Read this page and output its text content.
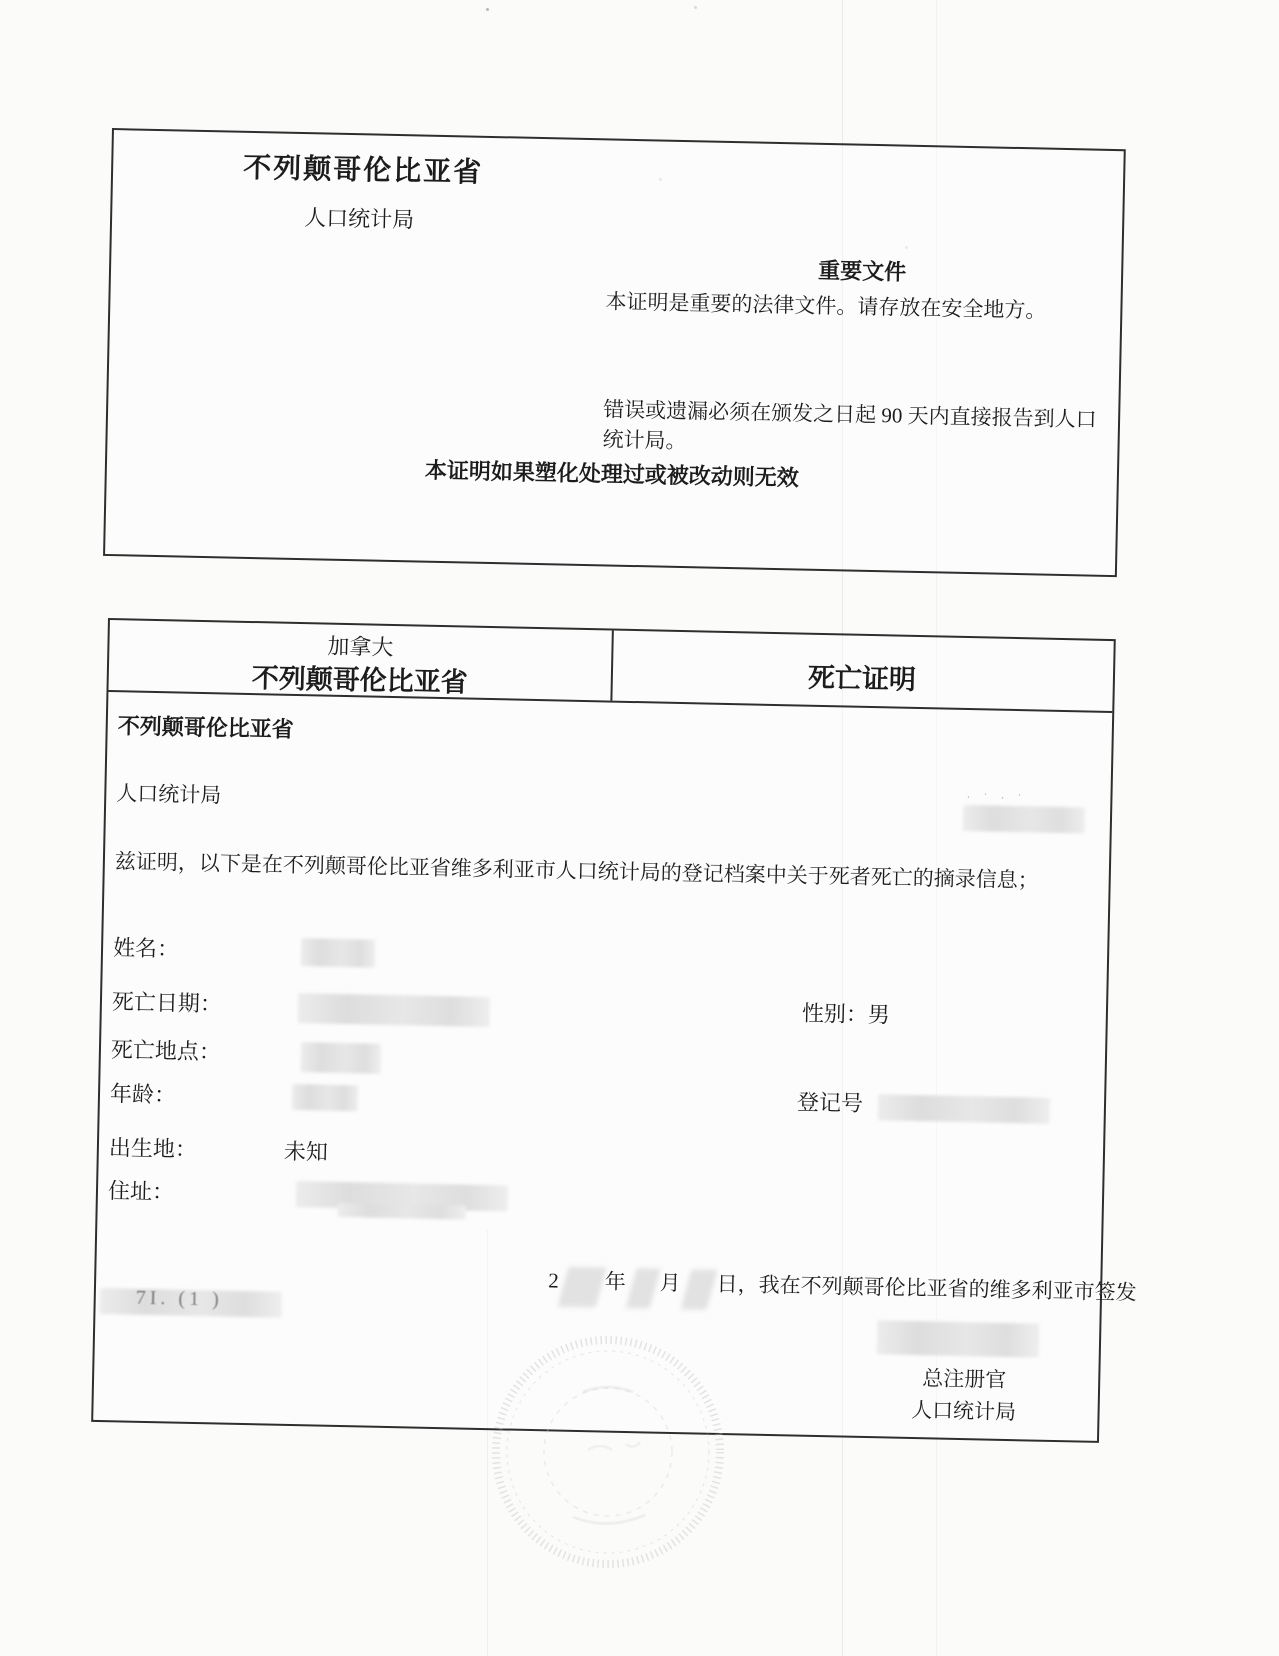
不列颠哥伦比亚省
人口统计局
重要文件
本证明是重要的法律文件。请存放在安全地方。
错误或遗漏必须在颁发之日起 90 天内直接报告到人口
统计局。
本证明如果塑化处理过或被改动则无效
加拿大
不列颠哥伦比亚省	死亡证明
不列颠哥伦比亚省
人口统计局	· ˙ · ˙
兹证明，以下是在不列颠哥伦比亚省维多利亚市人口统计局的登记档案中关于死者死亡的摘录信息；
姓名：
死亡日期：
死亡地点：
年龄：
出生地：	未知
住址：
性别：男
登记号
2 年 月 日，我在不列颠哥伦比亚省的维多利亚市签发
7I. (1 )
总注册官
人口统计局
